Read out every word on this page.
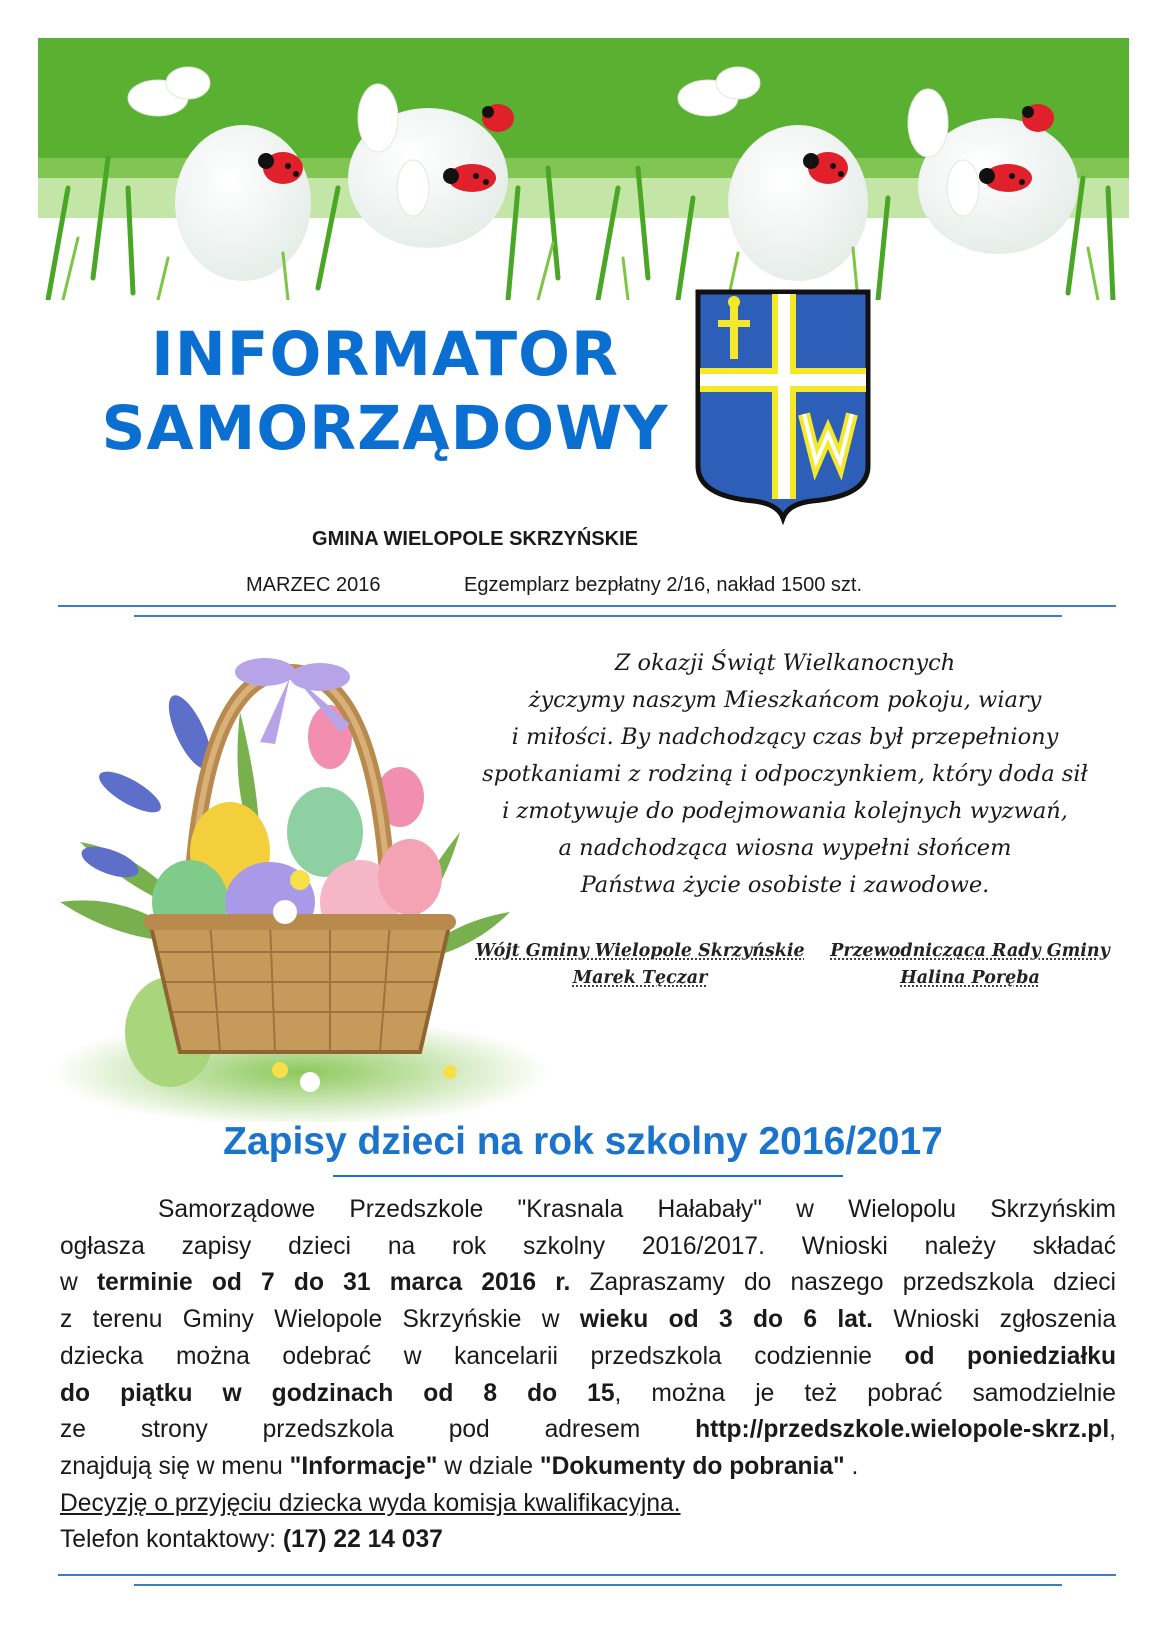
INFORMATOR
SAMORZĄDOWY
GMINA WIELOPOLE SKRZYŃSKIE
MARZEC 2016	Egzemplarz bezpłatny 2/16, nakład 1500 szt.
Z okazji Świąt Wielkanocnych
życzymy naszym Mieszkańcom pokoju, wiary
i miłości. By nadchodzący czas był przepełniony
spotkaniami z rodziną i odpoczynkiem, który doda sił
i zmotywuje do podejmowania kolejnych wyzwań,
a nadchodząca wiosna wypełni słońcem
Państwa życie osobiste i zawodowe.
Wójt Gminy Wielopole Skrzyńskie
Marek Tęczar
Przewodnicząca Rady Gminy
Halina Poręba
Zapisy dzieci na rok szkolny 2016/2017
Samorządowe Przedszkole "Krasnala Hałabały" w Wielopolu Skrzyńskim
ogłasza zapisy dzieci na rok szkolny 2016/2017. Wnioski należy składać
w terminie od 7 do 31 marca 2016 r. Zapraszamy do naszego przedszkola dzieci
z terenu Gminy Wielopole Skrzyńskie w wieku od 3 do 6 lat. Wnioski zgłoszenia
dziecka można odebrać w kancelarii przedszkola codziennie od poniedziałku
do piątku w godzinach od 8 do 15, można je też pobrać samodzielnie
ze strony przedszkola pod adresem http://przedszkole.wielopole-skrz.pl,
znajdują się w menu "Informacje" w dziale "Dokumenty do pobrania" .
Decyzję o przyjęciu dziecka wyda komisja kwalifikacyjna.
Telefon kontaktowy: (17) 22 14 037
